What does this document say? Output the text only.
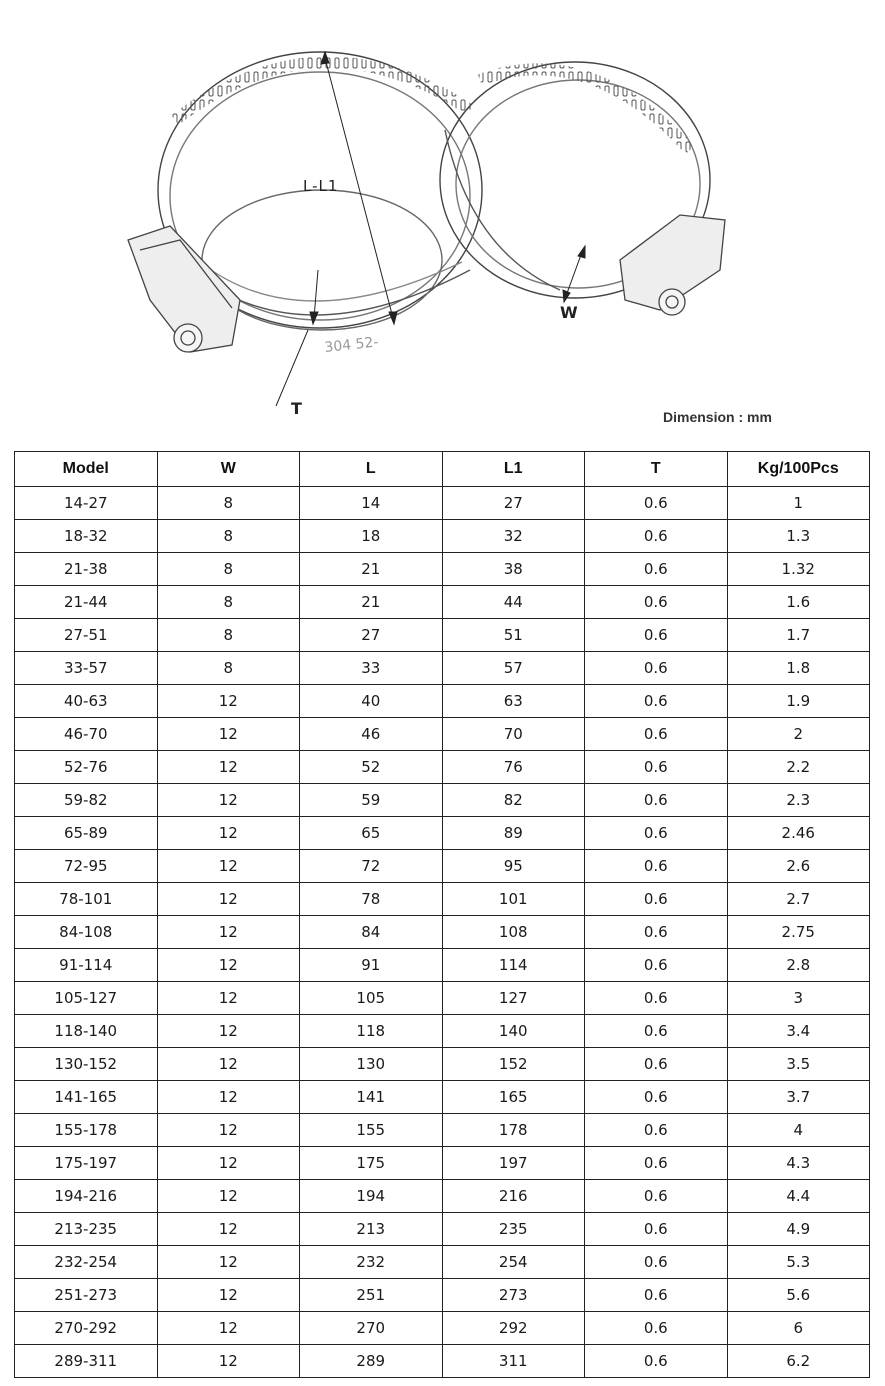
304 52-
L-L1
W
T	Dimension : mm
Model	W	L	L1	T	Kg/100Pcs
14-27	8	14	27	0.6	1
18-32	8	18	32	0.6	1.3
21-38	8	21	38	0.6	1.32
21-44	8	21	44	0.6	1.6
27-51	8	27	51	0.6	1.7
33-57	8	33	57	0.6	1.8
40-63	12	40	63	0.6	1.9
46-70	12	46	70	0.6	2
52-76	12	52	76	0.6	2.2
59-82	12	59	82	0.6	2.3
65-89	12	65	89	0.6	2.46
72-95	12	72	95	0.6	2.6
78-101	12	78	101	0.6	2.7
84-108	12	84	108	0.6	2.75
91-114	12	91	114	0.6	2.8
105-127	12	105	127	0.6	3
118-140	12	118	140	0.6	3.4
130-152	12	130	152	0.6	3.5
141-165	12	141	165	0.6	3.7
155-178	12	155	178	0.6	4
175-197	12	175	197	0.6	4.3
194-216	12	194	216	0.6	4.4
213-235	12	213	235	0.6	4.9
232-254	12	232	254	0.6	5.3
251-273	12	251	273	0.6	5.6
270-292	12	270	292	0.6	6
289-311	12	289	311	0.6	6.2
